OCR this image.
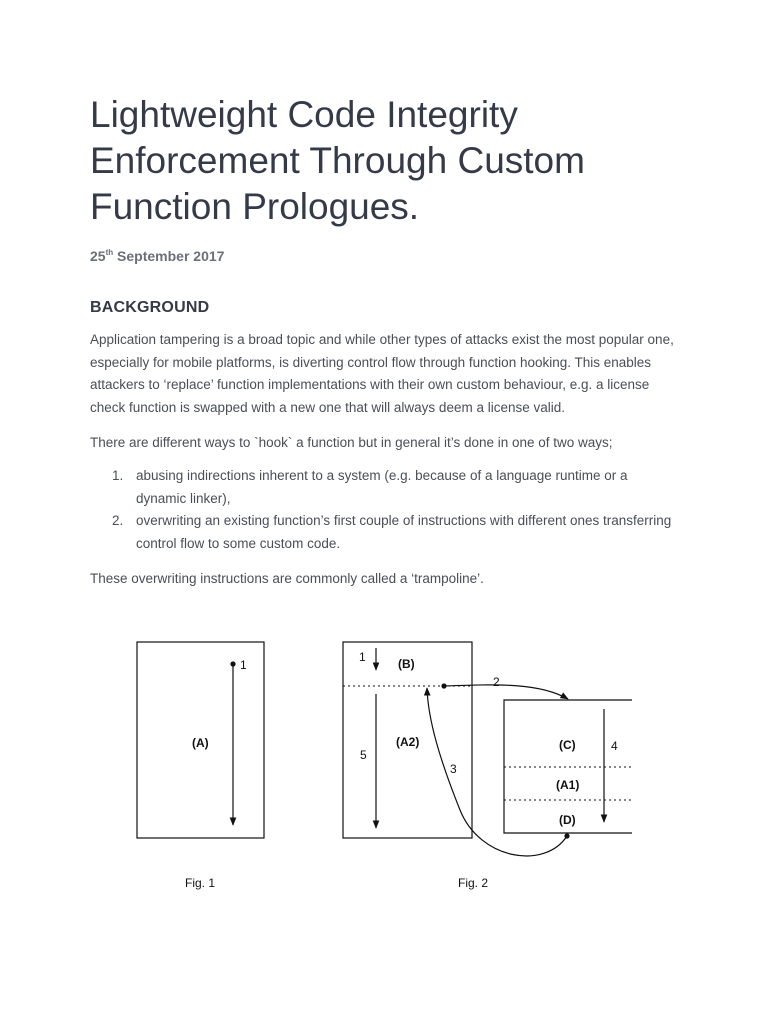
Lightweight Code Integrity Enforcement Through Custom Function Prologues.

25th September 2017

BACKGROUND

Application tampering is a broad topic and while other types of attacks exist the most popular one, especially for mobile platforms, is diverting control flow through function hooking. This enables attackers to ‘replace’ function implementations with their own custom behaviour, e.g. a license check function is swapped with a new one that will always deem a license valid.

There are different ways to `hook` a function but in general it’s done in one of two ways;

1. abusing indirections inherent to a system (e.g. because of a language runtime or a dynamic linker),
2. overwriting an existing function’s first couple of instructions with different ones transferring control flow to some custom code.

These overwriting instructions are commonly called a ‘trampoline’.

1
(A)
Fig. 1
1	(B)
2
5
(A2)
3
4
(C)
(A1)
(D)
Fig. 2
